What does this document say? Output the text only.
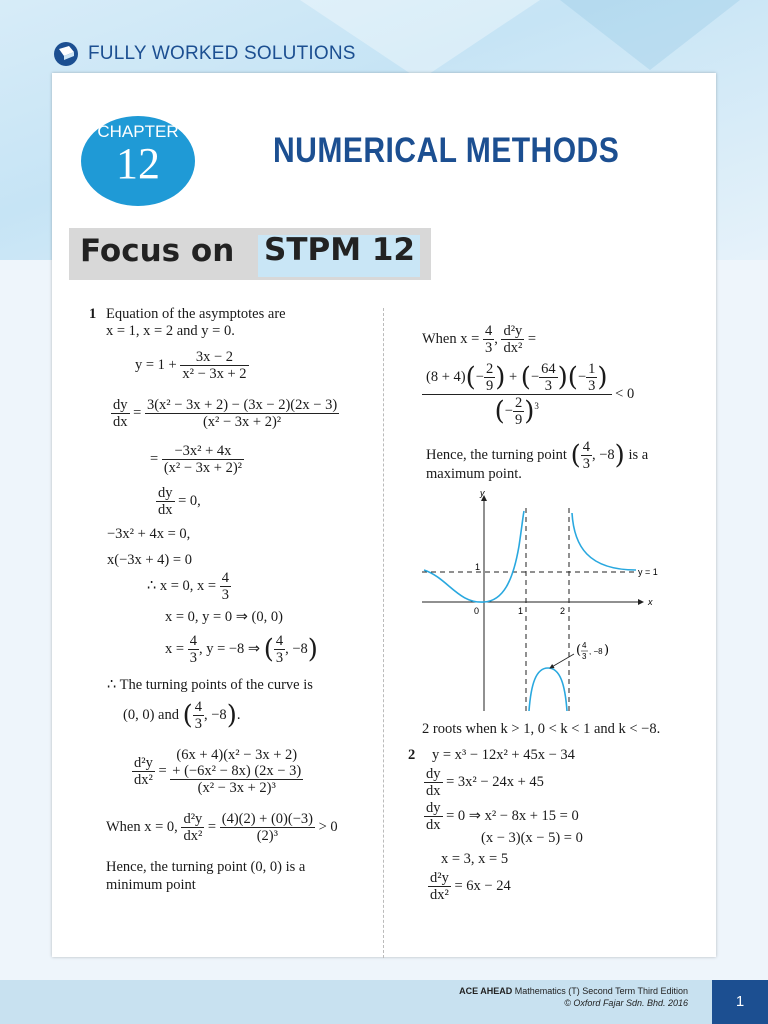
FULLY WORKED SOLUTIONS
CHAPTER
12	NUMERICAL METHODS
Focus on STPM 12
1 Equation of the asymptotes are
x = 1, x = 2 and y = 0.
$y = 1 + \frac{3x - 2}{\text{x² − 3x + 2}}$
$\frac{dy}{dx} = \frac{\text{3(x² − 3x + 2) − (3x − 2)(2x − 3)}}{\text{(x² − 3x + 2)²}}$
= $\frac{\text{−3x² + 4x}}{\text{(x² − 3x + 2)²}}$
$\frac{dy}{dx} = 0$,
−3x² + 4x = 0,
x(−3x + 4) = 0
∴ x = 0, $x = \frac{4}{3}$
x = 0, y = 0 ⇒ (0, 0)
$x = \frac{4}{3}$ , y = −8 ⇒ ( $\frac{4}{3}$ , −8)
∴ The turning points of the curve is
(0, 0) and ( $\frac{4}{3}$ , −8).
$\frac{\text{d²y}}{\text{dx²}}$ =
(6x + 4)(x² − 3x + 2)
+ (−6x² − 8x) (2x − 3)
(x² − 3x + 2)³
When x = 0, $\frac{\text{d²y}}{\text{dx²}} = \frac{(4)(2) + (0)(-3)}{\text{(2)³}} > 0$
Hence, the turning point (0, 0) is a
minimum point
When $x = \frac{4}{3}$ , $\frac{\text{d²y}}{\text{dx²}}$ =
$\frac{(8 + 4)(- \frac{2}{9} ) + (- \frac{64}{3} )(- \frac{1}{3} )}{(- \frac{2}{9} )^3} < 0$
Hence, the turning point ( $\frac{4}{3}$ , −8) is a
maximum point.
y
x
y = 1
0	1	2
1
( 4
3
, −8 )
2 roots when k > 1, 0 < k < 1 and k < −8.
2 y = x³ − 12x² + 45x − 34
$\frac{dy}{dx} = 3x^2 - 24x + 45$
$\frac{dy}{dx} = 0$ ⇒ x² − 8x + 15 = 0
(x − 3)(x − 5) = 0
x = 3, x = 5
$\frac{\text{d²y}}{\text{dx²}} = 6x - 24$
ACE AHEAD Mathematics (T) Second Term Third Edition
© Oxford Fajar Sdn. Bhd. 2016	1
